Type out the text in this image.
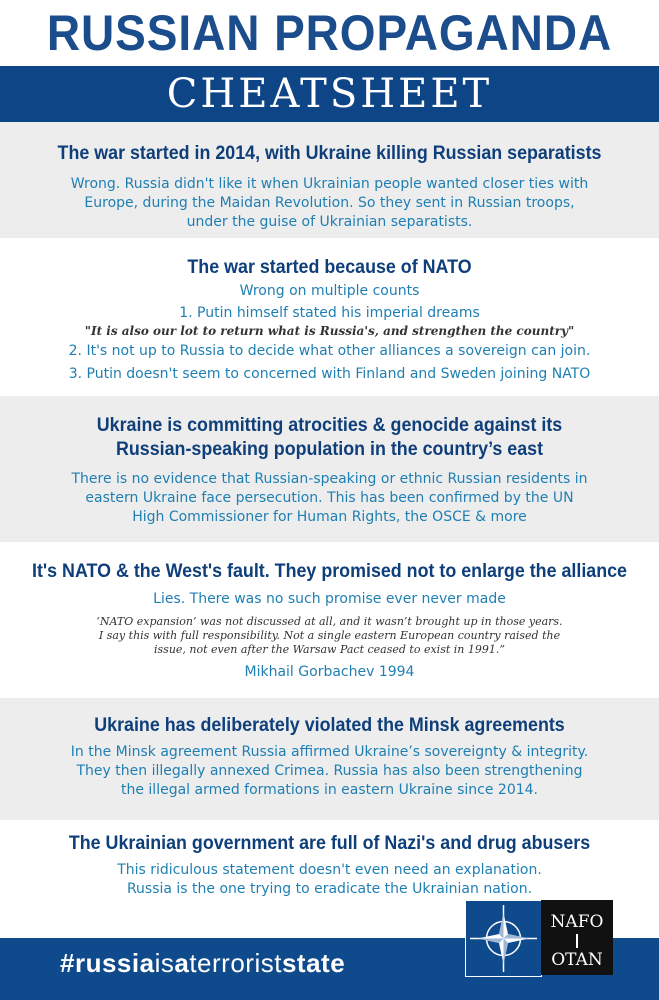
RUSSIAN PROPAGANDA
CHEATSHEET

The war started in 2014, with Ukraine killing Russian separatists

Wrong. Russia didn't like it when Ukrainian people wanted closer ties with

Europe, during the Maidan Revolution. So they sent in Russian troops,

under the guise of Ukrainian separatists.

The war started because of NATO

Wrong on multiple counts

1. Putin himself stated his imperial dreams

"It is also our lot to return what is Russia's, and strengthen the country"

2. It's not up to Russia to decide what other alliances a sovereign can join.

3. Putin doesn't seem to concerned with Finland and Sweden joining NATO

Ukraine is committing atrocities & genocide against its

Russian-speaking population in the country’s east

There is no evidence that Russian-speaking or ethnic Russian residents in

eastern Ukraine face persecution. This has been confirmed by the UN

High Commissioner for Human Rights, the OSCE & more

It's NATO & the West's fault. They promised not to enlarge the alliance

Lies. There was no such promise ever never made

‘NATO expansion’ was not discussed at all, and it wasn’t brought up in those years.

I say this with full responsibility. Not a single eastern European country raised the

issue, not even after the Warsaw Pact ceased to exist in 1991.”

Mikhail Gorbachev 1994

Ukraine has deliberately violated the Minsk agreements

In the Minsk agreement Russia affirmed Ukraine’s sovereignty & integrity.

They then illegally annexed Crimea. Russia has also been strengthening

the illegal armed formations in eastern Ukraine since 2014.

The Ukrainian government are full of Nazi's and drug abusers

This ridiculous statement doesn't even need an explanation.

Russia is the one trying to eradicate the Ukrainian nation.

#russiaisaterroriststate
NAFO
OTAN
